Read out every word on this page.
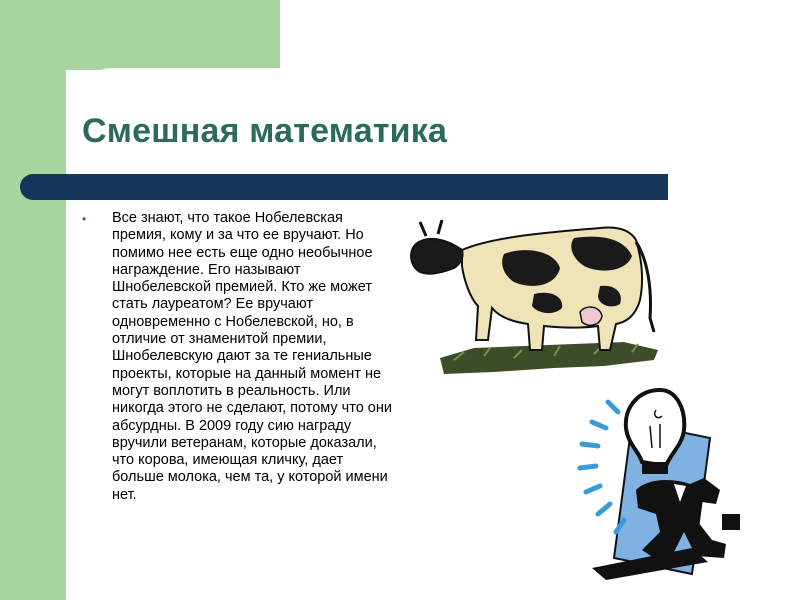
Смешная математика
• Все знают, что такое Нобелевская премия, кому и за что ее вручают. Но помимо нее есть еще одно необычное награждение. Его называют Шнобелевской премией. Кто же может стать лауреатом? Ее вручают одновременно с Нобелевской, но, в отличие от знаменитой премии, Шнобелевскую дают за те гениальные проекты, которые на данный момент не могут воплотить в реальность. Или никогда этого не сделают, потому что они абсурдны. В 2009 году сию награду вручили ветеранам, которые доказали, что корова, имеющая кличку, дает больше молока, чем та, у которой имени нет.
